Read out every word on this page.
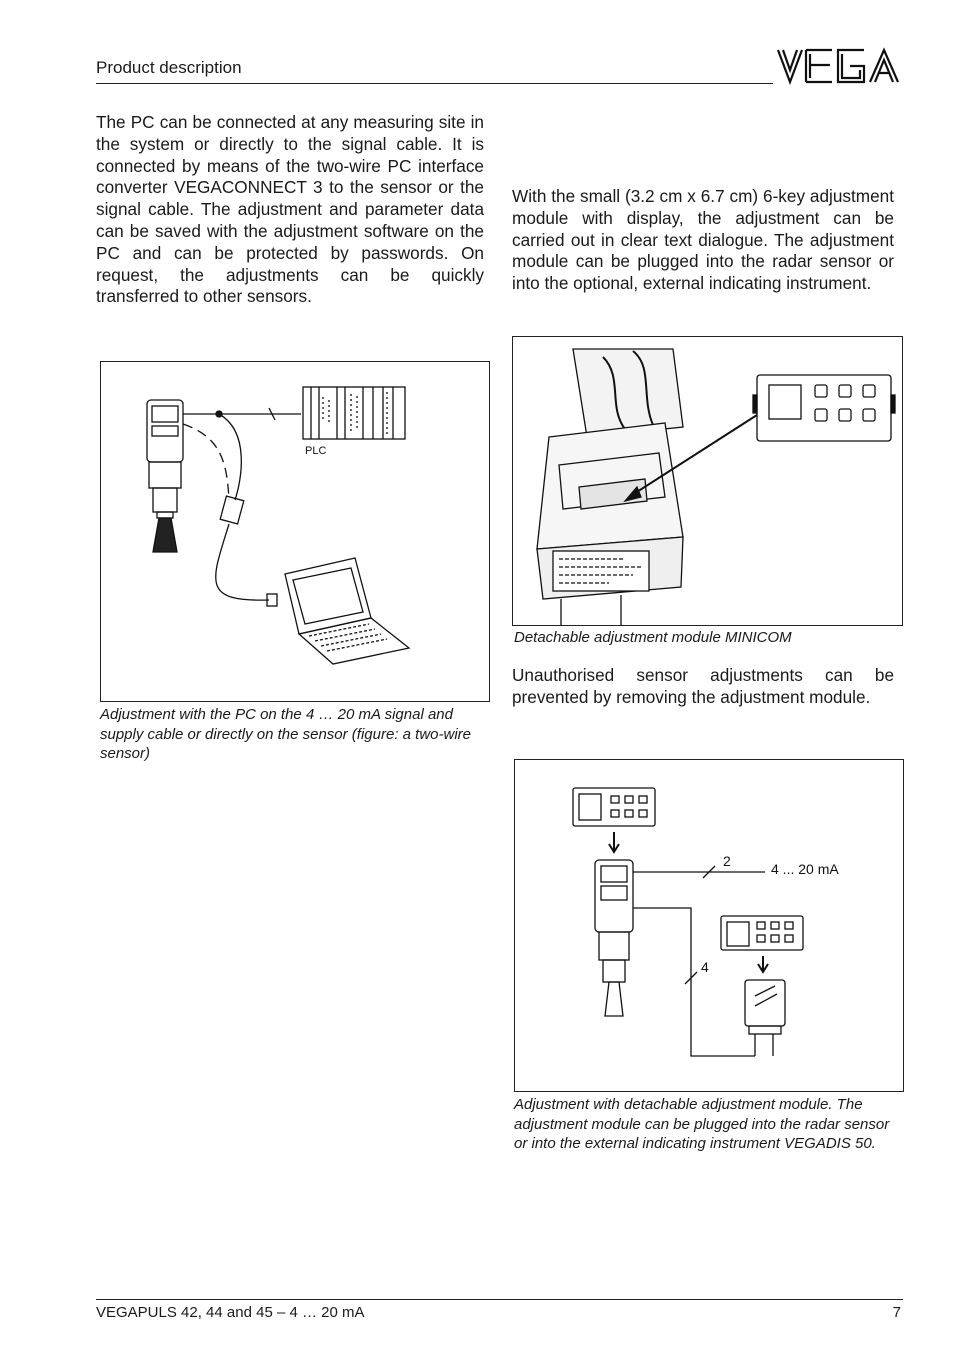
Product description
The PC can be connected at any measuring site in the system or directly to the signal cable. It is connected by means of the two-wire PC interface converter VEGACONNECT 3 to the sensor or the signal cable. The adjustment and parameter data can be saved with the adjustment software on the PC and can be protected by passwords. On request, the adjustments can be quickly transferred to other sensors.
PLC
Adjustment with the PC on the 4 … 20 mA signal and supply cable or directly on the sensor (figure: a two-wire sensor)
With the small (3.2 cm x 6.7 cm) 6-key adjustment module with display, the adjustment can be carried out in clear text dialogue. The adjustment module can be plugged into the radar sensor or into the optional, external indicating instrument.
Detachable adjustment module MINICOM
Unauthorised sensor adjustments can be prevented by removing the adjustment module.
2	4 ... 20 mA
4
Adjustment with detachable adjustment module. The adjustment module can be plugged into the radar sensor or into the external indicating instrument VEGADIS 50.
VEGAPULS 42, 44 and 45 – 4 … 20 mA	7
